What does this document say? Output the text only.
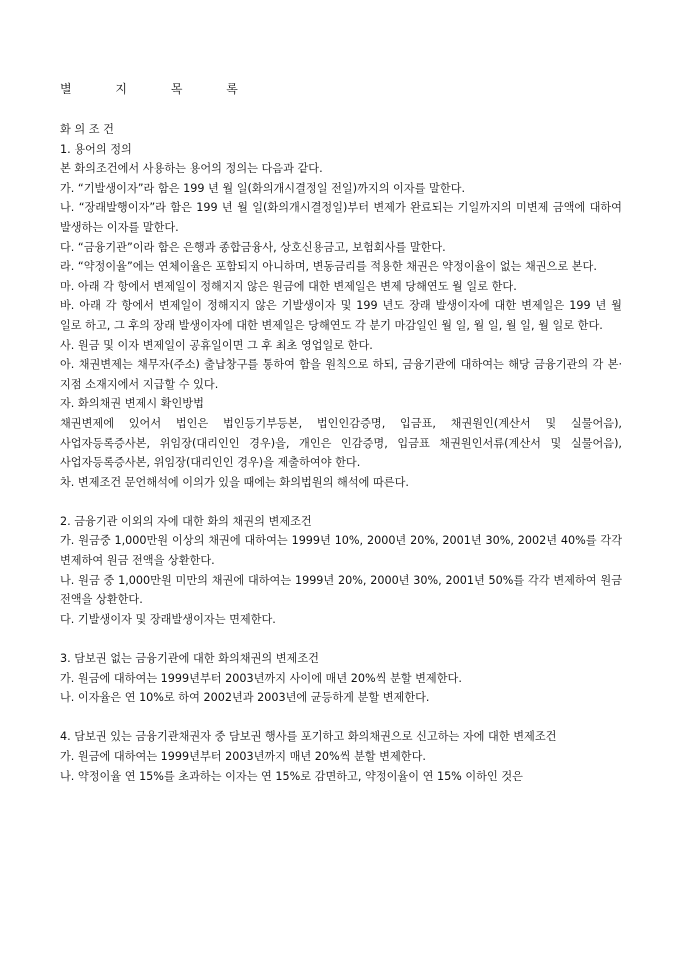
별 지 목 록

화 의 조 건

1. 용어의 정의

본 화의조건에서 사용하는 용어의 정의는 다음과 같다.

가. “기발생이자”라 함은 199 년 월 일(화의개시결정일 전일)까지의 이자를 말한다.

나. “장래발행이자”라 함은 199 년 월 일(화의개시결정일)부터 변제가 완료되는 기일까지의 미변제 금액에 대하여 발생하는 이자를 말한다.

다. “금융기관”이라 함은 은행과 종합금융사, 상호신용금고, 보험회사를 말한다.

라. “약정이율”에는 연체이율은 포함되지 아니하며, 변동금리를 적용한 채권은 약정이율이 없는 채권으로 본다.

마. 아래 각 항에서 변제일이 정해지지 않은 원금에 대한 변제일은 변제 당해연도 월 일로 한다.

바. 아래 각 항에서 변제일이 정해지지 않은 기발생이자 및 199 년도 장래 발생이자에 대한 변제일은 199 년 월 일로 하고, 그 후의 장래 발생이자에 대한 변제일은 당해연도 각 분기 마감일인 월 일, 월 일, 월 일, 월 일로 한다.

사. 원금 및 이자 변제일이 공휴일이면 그 후 최초 영업일로 한다.

아. 채권변제는 채무자(주소) 출납창구를 통하여 함을 원칙으로 하되, 금융기관에 대하여는 해당 금융기관의 각 본·지점 소재지에서 지급할 수 있다.

자. 화의채권 변제시 확인방법

채권변제에 있어서 법인은 법인등기부등본, 법인인감증명, 입금표, 채권원인(계산서 및 실물어음), 사업자등록증사본, 위임장(대리인인 경우)을, 개인은 인감증명, 입금표 채권원인서류(계산서 및 실물어음), 사업자등록증사본, 위임장(대리인인 경우)을 제출하여야 한다.

차. 변제조건 문언해석에 이의가 있을 때에는 화의법원의 해석에 따른다.

2. 금융기관 이외의 자에 대한 화의 채권의 변제조건

가. 원금중 1,000만원 이상의 채권에 대하여는 1999년 10%, 2000년 20%, 2001년 30%, 2002년 40%를 각각 변제하여 원금 전액을 상환한다.

나. 원금 중 1,000만원 미만의 채권에 대하여는 1999년 20%, 2000년 30%, 2001년 50%를 각각 변제하여 원금 전액을 상환한다.

다. 기발생이자 및 장래발생이자는 면제한다.

3. 담보권 없는 금융기관에 대한 화의채권의 변제조건

가. 원금에 대하여는 1999년부터 2003년까지 사이에 매년 20%씩 분할 변제한다.

나. 이자율은 연 10%로 하여 2002년과 2003년에 균등하게 분할 변제한다.

4. 담보권 있는 금융기관채권자 중 담보권 행사를 포기하고 화의채권으로 신고하는 자에 대한 변제조건

가. 원금에 대하여는 1999년부터 2003년까지 매년 20%씩 분할 변제한다.

나. 약정이율 연 15%를 초과하는 이자는 연 15%로 감면하고, 약정이율이 연 15% 이하인 것은
